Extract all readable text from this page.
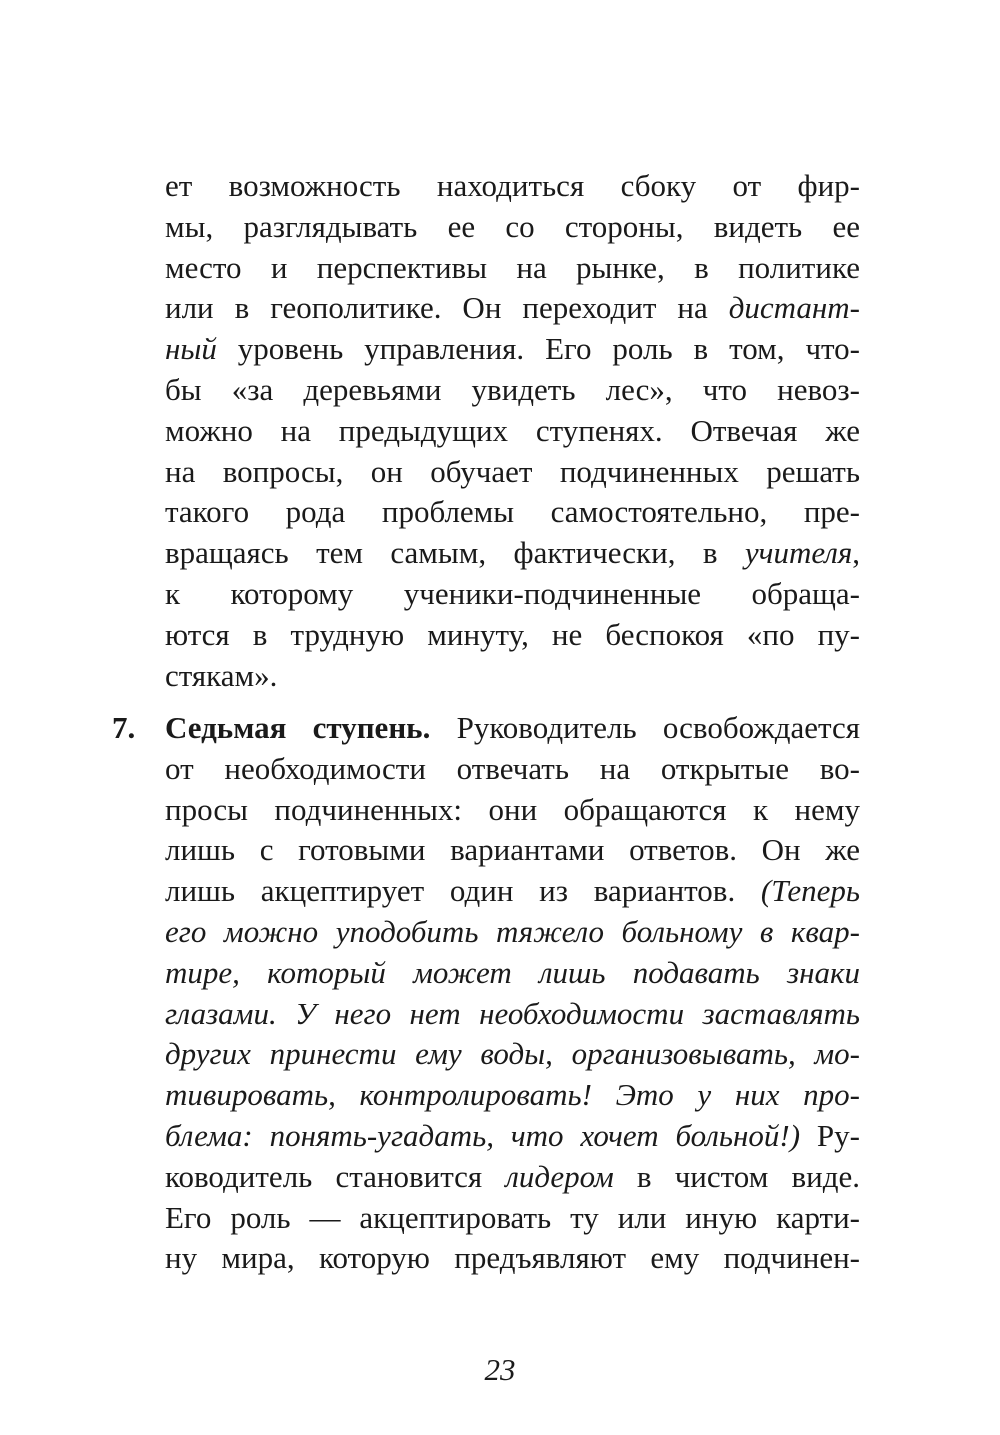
ет возможность находиться сбоку от фир-
мы, разглядывать ее со стороны, видеть ее
место и перспективы на рынке, в политике
или в геополитике. Он переходит на дистант-
ный уровень управления. Его роль в том, что-
бы «за деревьями увидеть лес», что невоз-
можно на предыдущих ступенях. Отвечая же
на вопросы, он обучает подчиненных решать
такого рода проблемы самостоятельно, пре-
вращаясь тем самым, фактически, в учителя,
к которому ученики-подчиненные обраща-
ются в трудную минуту, не беспокоя «по пу-
стякам».
7. Седьмая ступень. Руководитель освобождается
от необходимости отвечать на открытые во-
просы подчиненных: они обращаются к нему
лишь с готовыми вариантами ответов. Он же
лишь акцептирует один из вариантов. (Теперь
его можно уподобить тяжело больному в квар-
тире, который может лишь подавать знаки
глазами. У него нет необходимости заставлять
других принести ему воды, организовывать, мо-
тивировать, контролировать! Это у них про-
блема: понять-угадать, что хочет больной!) Ру-
ководитель становится лидером в чистом виде.
Его роль — акцептировать ту или иную карти-
ну мира, которую предъявляют ему подчинен-
23
